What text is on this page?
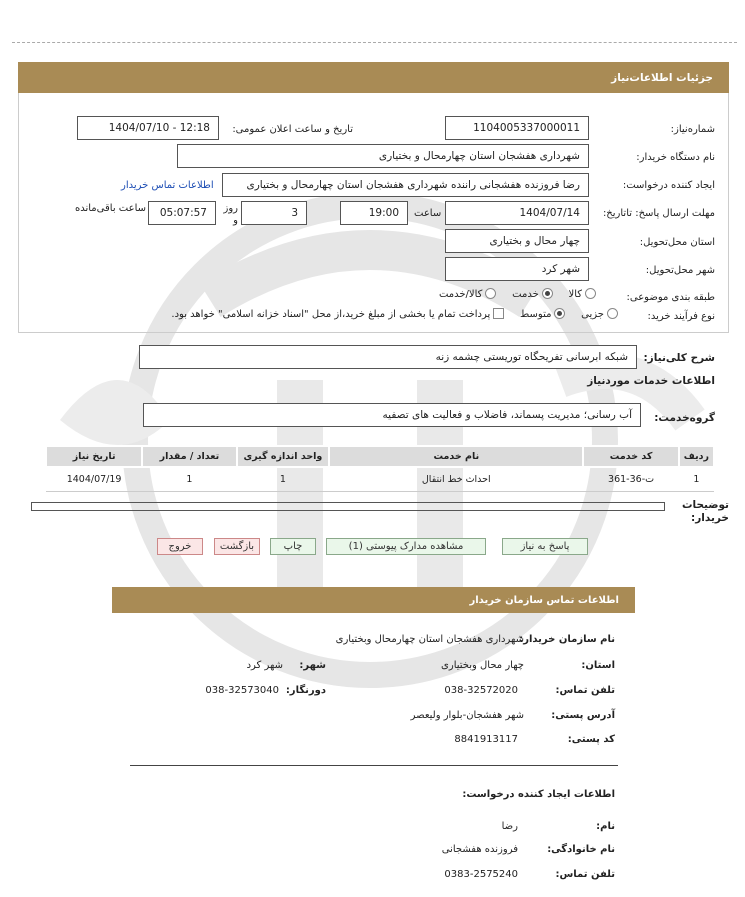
جزئیات اطلاعات‌نیاز
شماره‌نیاز:
1104005337000011
تاریخ و ساعت اعلان عمومی:
1404/07/10 - 12:18
نام دستگاه خریدار:
شهرداری هفشجان استان چهارمحال و بختیاری
ایجاد کننده درخواست:
رضا فروزنده هفشجانی راننده شهرداری هفشجان استان چهارمحال و بختیاری
اطلاعات تماس خریدار
مهلت ارسال پاسخ: تاتاریخ:
1404/07/14
ساعت
19:00
3
روز و
05:07:57
ساعت باقی‌مانده
استان محل‌تحویل:
چهار محال و بختیاری
شهر محل‌تحویل:
شهر کرد
طبقه بندی موضوعی:
کالا    خدمت    کالا/خدمت
نوع فرآیند خرید:
جزیی    متوسط    پرداخت تمام یا بخشی از مبلغ خرید،از محل "اسناد خزانه اسلامی" خواهد بود.
شرح کلی‌نیاز:
شبکه ابرسانی تفریحگاه توریستی چشمه زنه
اطلاعات خدمات موردنیاز
گروه‌خدمت:
آب رسانی؛ مدیریت پسماند، فاضلاب و فعالیت های تصفیه
ردیف	کد خدمت	نام خدمت	واحد اندازه گیری	تعداد / مقدار	تاریخ نیاز
1	ت-36-361	احداث خط انتقال	1	1	1404/07/19
توضیحات خریدار:
پاسخ به نیاز
مشاهده مدارک پیوستی (1)
چاپ
بازگشت
خروج
اطلاعات تماس سازمان خریدار
نام سازمان خریدار:
شهرداری هفشجان استان چهارمحال وبختیاری
استان:
چهار محال وبختیاری
شهر:
شهر کرد
تلفن تماس:
038-32572020
دورنگار:
038-32573040
آدرس پستی:
شهر هفشجان-بلوار ولیعصر
کد پستی:
8841913117
اطلاعات ایجاد کننده درخواست:
نام:
رضا
نام خانوادگی:
فروزنده هفشجانی
تلفن تماس:
0383-2575240
